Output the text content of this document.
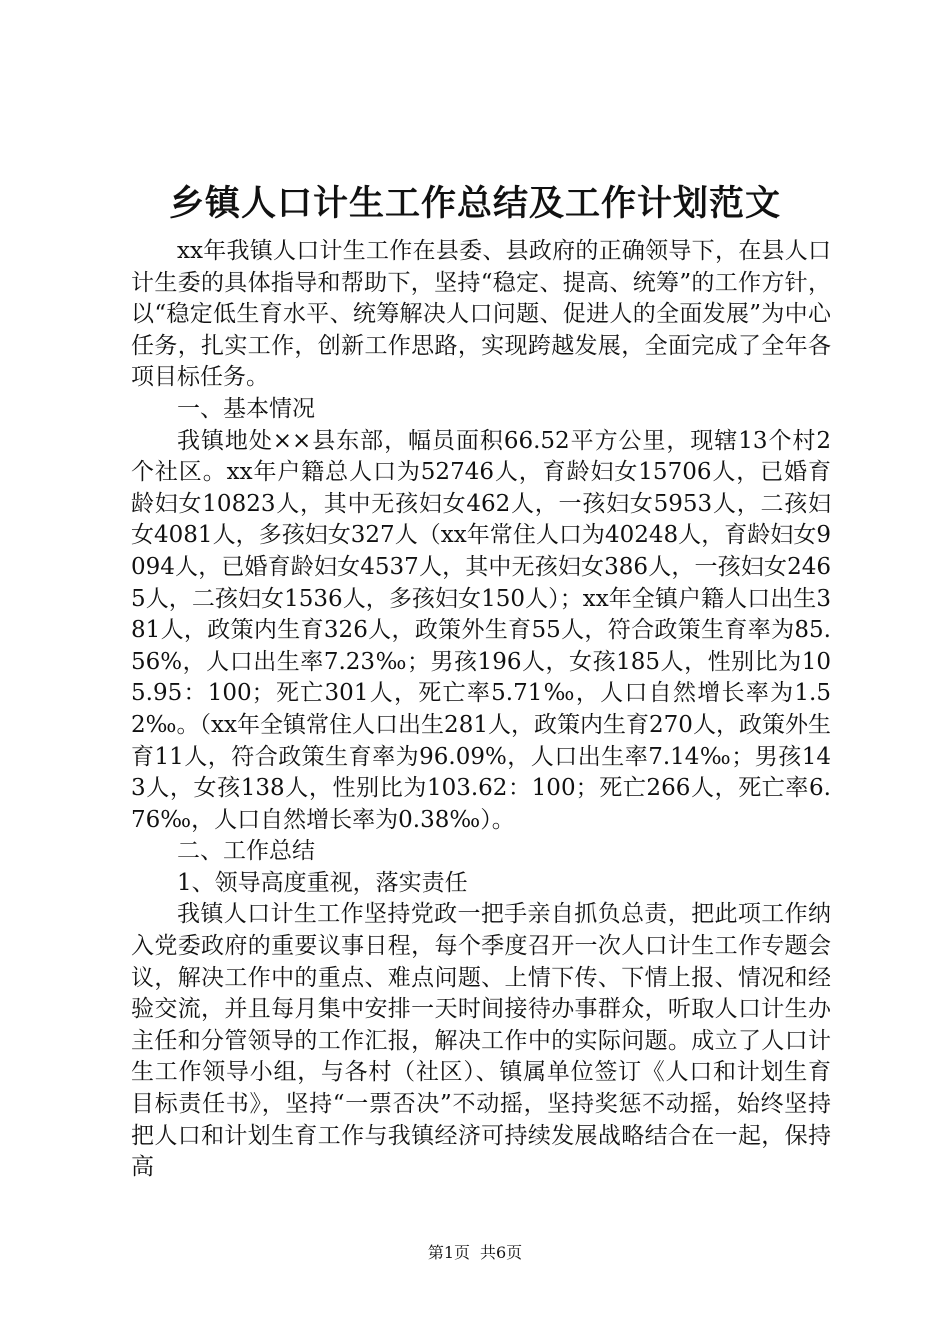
乡镇人口计生工作总结及工作计划范文

xx年我镇人口计生工作在县委、县政府的正确领导下，在县人口计生委的具体指导和帮助下，坚持“稳定、提高、统筹”的工作方针，以“稳定低生育水平、统筹解决人口问题、促进人的全面发展”为中心任务，扎实工作，创新工作思路，实现跨越发展，全面完成了全年各项目标任务。

一、基本情况

我镇地处××县东部，幅员面积66.52平方公里，现辖13个村2个社区。xx年户籍总人口为52746人，育龄妇女15706人，已婚育龄妇女10823人，其中无孩妇女462人，一孩妇女5953人，二孩妇女4081人，多孩妇女327人（xx年常住人口为40248人，育龄妇女9094人，已婚育龄妇女4537人，其中无孩妇女386人，一孩妇女2465人，二孩妇女1536人，多孩妇女150人）；xx年全镇户籍人口出生381人，政策内生育326人，政策外生育55人，符合政策生育率为85.56%，人口出生率7.23‰；男孩196人，女孩185人，性别比为105.95：100；死亡301人，死亡率5.71‰，人口自然增长率为1.52‰。（xx年全镇常住人口出生281人，政策内生育270人，政策外生育11人，符合政策生育率为96.09%，人口出生率7.14‰；男孩143人，女孩138人，性别比为103.62：100；死亡266人，死亡率6.76‰，人口自然增长率为0.38‰）。

二、工作总结

1、领导高度重视，落实责任

我镇人口计生工作坚持党政一把手亲自抓负总责，把此项工作纳入党委政府的重要议事日程，每个季度召开一次人口计生工作专题会议，解决工作中的重点、难点问题、上情下传、下情上报、情况和经验交流，并且每月集中安排一天时间接待办事群众，听取人口计生办主任和分管领导的工作汇报，解决工作中的实际问题。成立了人口计生工作领导小组，与各村（社区）、镇属单位签订《人口和计划生育目标责任书》，坚持“一票否决”不动摇，坚持奖惩不动摇，始终坚持把人口和计划生育工作与我镇经济可持续发展战略结合在一起，保持高

第1页 共6页
